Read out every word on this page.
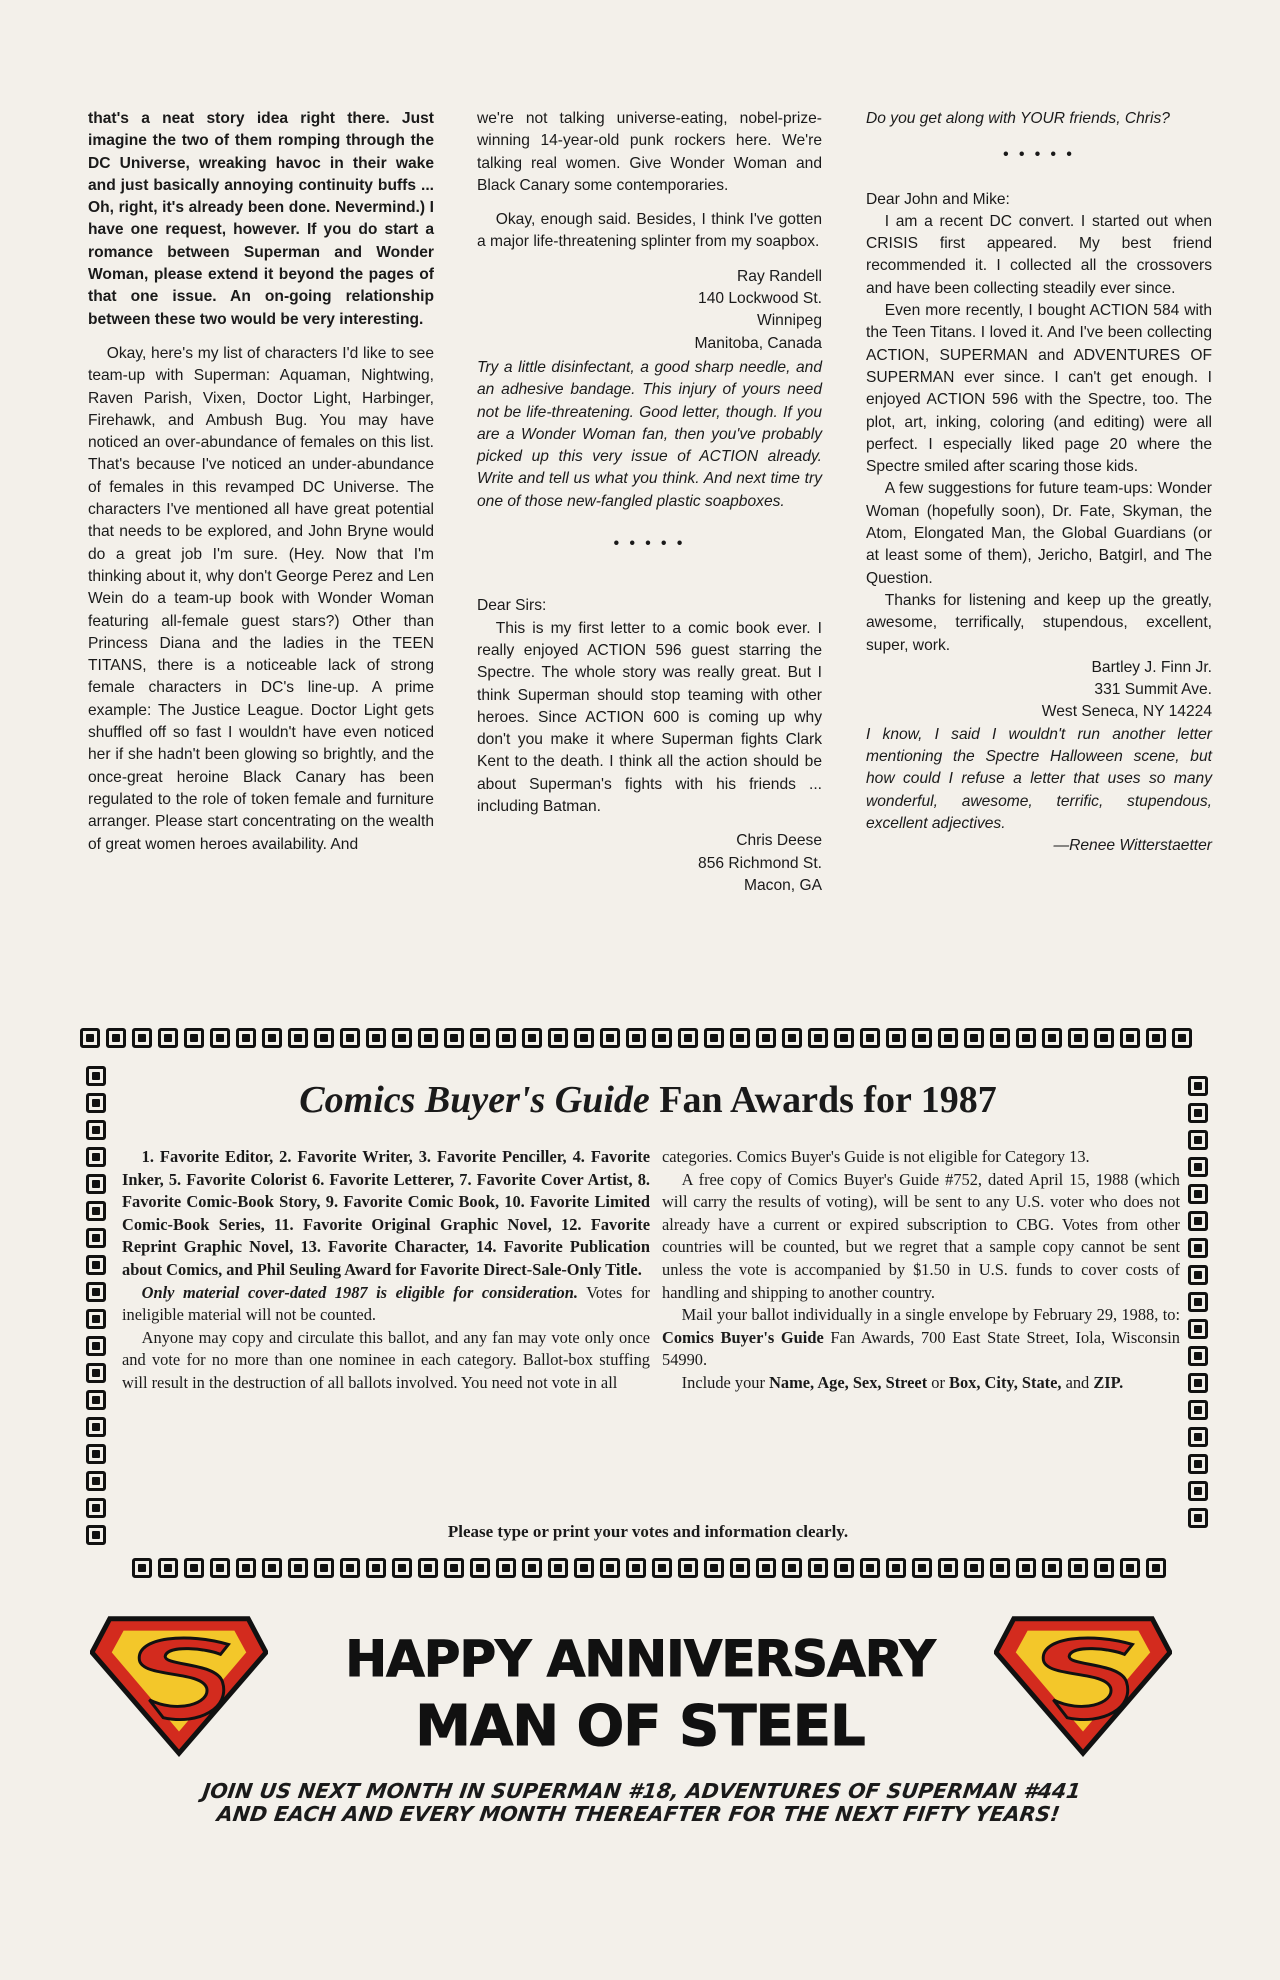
that's a neat story idea right there. Just imagine the two of them romping through the DC Universe, wreaking havoc in their wake and just basically annoying continuity buffs ... Oh, right, it's already been done. Nevermind.) I have one request, however. If you do start a romance between Superman and Wonder Woman, please extend it beyond the pages of that one issue. An on-going relationship between these two would be very interesting.

Okay, here's my list of characters I'd like to see team-up with Superman: Aquaman, Nightwing, Raven Parish, Vixen, Doctor Light, Harbinger, Firehawk, and Ambush Bug. You may have noticed an over-abundance of females on this list. That's because I've noticed an under-abundance of females in this revamped DC Universe. The characters I've mentioned all have great potential that needs to be explored, and John Bryne would do a great job I'm sure. (Hey. Now that I'm thinking about it, why don't George Perez and Len Wein do a team-up book with Wonder Woman featuring all-female guest stars?) Other than Princess Diana and the ladies in the TEEN TITANS, there is a noticeable lack of strong female characters in DC's line-up. A prime example: The Justice League. Doctor Light gets shuffled off so fast I wouldn't have even noticed her if she hadn't been glowing so brightly, and the once-great heroine Black Canary has been regulated to the role of token female and furniture arranger. Please start concentrating on the wealth of great women heroes availability. And

we're not talking universe-eating, nobel-prize-winning 14-year-old punk rockers here. We're talking real women. Give Wonder Woman and Black Canary some contemporaries.

Okay, enough said. Besides, I think I've gotten a major life-threatening splinter from my soapbox.

Ray Randell

140 Lockwood St.

Winnipeg

Manitoba, Canada

Try a little disinfectant, a good sharp needle, and an adhesive bandage. This injury of yours need not be life-threatening. Good letter, though. If you are a Wonder Woman fan, then you've probably picked up this very issue of ACTION already. Write and tell us what you think. And next time try one of those new-fangled plastic soapboxes.

• • • • •

Dear Sirs:

This is my first letter to a comic book ever. I really enjoyed ACTION 596 guest starring the Spectre. The whole story was really great. But I think Superman should stop teaming with other heroes. Since ACTION 600 is coming up why don't you make it where Superman fights Clark Kent to the death. I think all the action should be about Superman's fights with his friends ... including Batman.

Chris Deese

856 Richmond St.

Macon, GA

Do you get along with YOUR friends, Chris?

• • • • •

Dear John and Mike:

I am a recent DC convert. I started out when CRISIS first appeared. My best friend recommended it. I collected all the crossovers and have been collecting steadily ever since.

Even more recently, I bought ACTION 584 with the Teen Titans. I loved it. And I've been collecting ACTION, SUPERMAN and ADVENTURES OF SUPERMAN ever since. I can't get enough. I enjoyed ACTION 596 with the Spectre, too. The plot, art, inking, coloring (and editing) were all perfect. I especially liked page 20 where the Spectre smiled after scaring those kids.

A few suggestions for future team-ups: Wonder Woman (hopefully soon), Dr. Fate, Skyman, the Atom, Elongated Man, the Global Guardians (or at least some of them), Jericho, Batgirl, and The Question.

Thanks for listening and keep up the greatly, awesome, terrifically, stupendous, excellent, super, work.

Bartley J. Finn Jr.

331 Summit Ave.

West Seneca, NY 14224

I know, I said I wouldn't run another letter mentioning the Spectre Halloween scene, but how could I refuse a letter that uses so many wonderful, awesome, terrific, stupendous, excellent adjectives.

—Renee Witterstaetter

Comics Buyer's Guide Fan Awards for 1987

1. Favorite Editor, 2. Favorite Writer, 3. Favorite Penciller, 4. Favorite Inker, 5. Favorite Colorist 6. Favorite Letterer, 7. Favorite Cover Artist, 8. Favorite Comic-Book Story, 9. Favorite Comic Book, 10. Favorite Limited Comic-Book Series, 11. Favorite Original Graphic Novel, 12. Favorite Reprint Graphic Novel, 13. Favorite Character, 14. Favorite Publication about Comics, and Phil Seuling Award for Favorite Direct-Sale-Only Title.

Only material cover-dated 1987 is eligible for consideration. Votes for ineligible material will not be counted.

Anyone may copy and circulate this ballot, and any fan may vote only once and vote for no more than one nominee in each category. Ballot-box stuffing will result in the destruction of all ballots involved. You need not vote in all

categories. Comics Buyer's Guide is not eligible for Category 13.

A free copy of Comics Buyer's Guide #752, dated April 15, 1988 (which will carry the results of voting), will be sent to any U.S. voter who does not already have a current or expired subscription to CBG. Votes from other countries will be counted, but we regret that a sample copy cannot be sent unless the vote is accompanied by $1.50 in U.S. funds to cover costs of handling and shipping to another country.

Mail your ballot individually in a single envelope by February 29, 1988, to: Comics Buyer's Guide Fan Awards, 700 East State Street, Iola, Wisconsin 54990.

Include your Name, Age, Sex, Street or Box, City, State, and ZIP.

Please type or print your votes and information clearly.
HAPPY ANNIVERSARY
MAN OF STEEL
JOIN US NEXT MONTH IN SUPERMAN #18, ADVENTURES OF SUPERMAN #441
AND EACH AND EVERY MONTH THEREAFTER FOR THE NEXT FIFTY YEARS!
